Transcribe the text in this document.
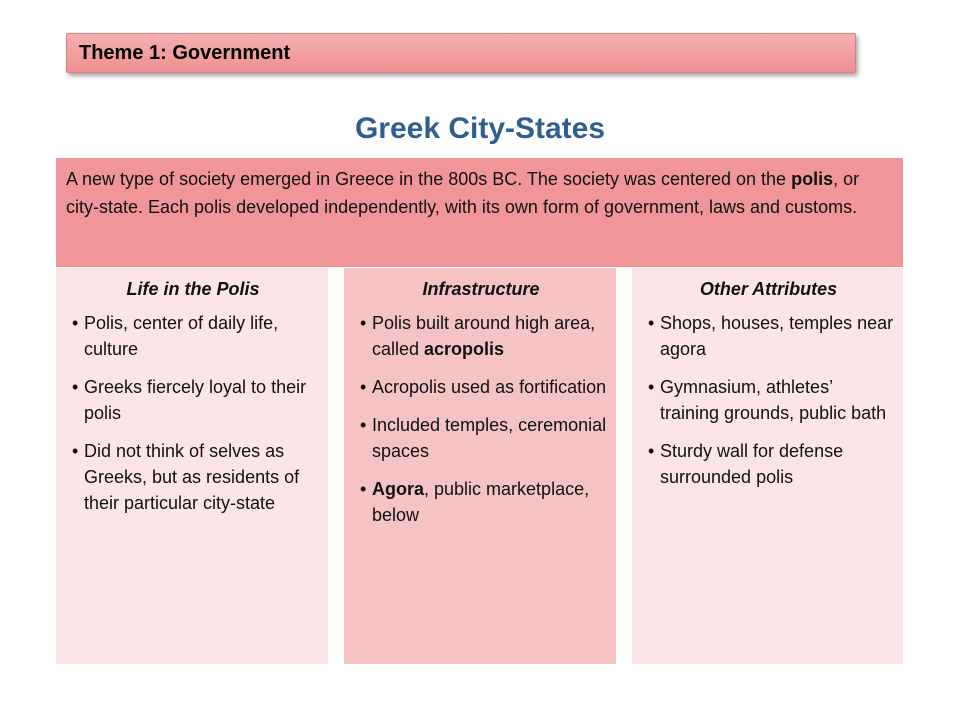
Theme 1: Government
Greek City-States
A new type of society emerged in Greece in the 800s BC. The society was centered on the polis, or city-state. Each polis developed independently, with its own form of government, laws and customs.
Life in the Polis
• Polis, center of daily life, culture
• Greeks fiercely loyal to their polis
• Did not think of selves as Greeks, but as residents of their particular city-state
Infrastructure
• Polis built around high area, called acropolis
• Acropolis used as fortification
• Included temples, ceremonial spaces
• Agora, public marketplace, below
Other Attributes
• Shops, houses, temples near agora
• Gymnasium, athletes’ training grounds, public bath
• Sturdy wall for defense surrounded polis
